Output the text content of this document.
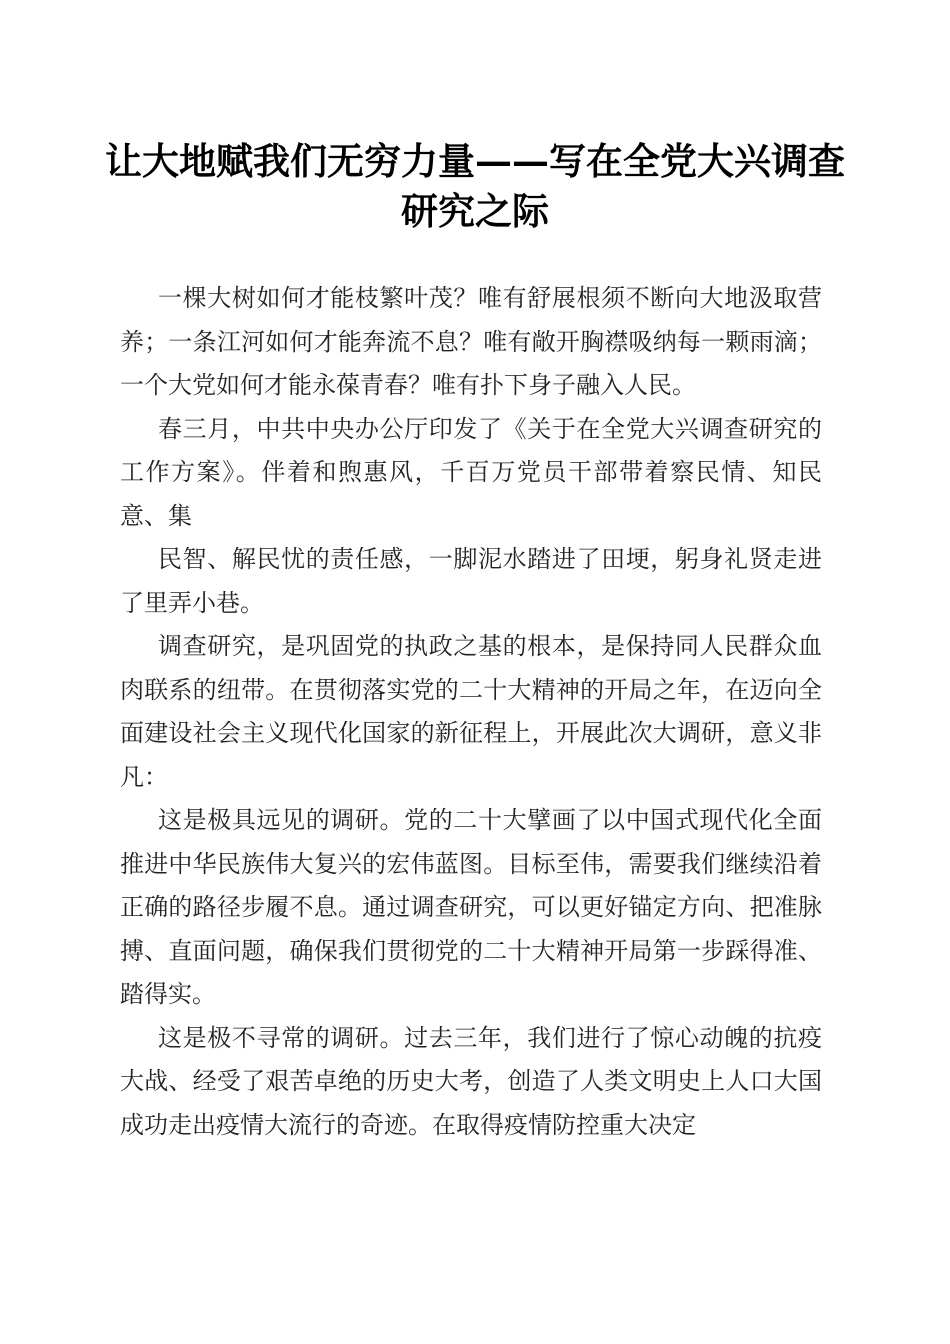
让大地赋我们无穷力量——写在全党大兴调查研究之际

一棵大树如何才能枝繁叶茂？唯有舒展根须不断向大地汲取营养；一条江河如何才能奔流不息？唯有敞开胸襟吸纳每一颗雨滴；一个大党如何才能永葆青春？唯有扑下身子融入人民。

春三月，中共中央办公厅印发了《关于在全党大兴调查研究的工作方案》。伴着和煦惠风，千百万党员干部带着察民情、知民意、集

民智、解民忧的责任感，一脚泥水踏进了田埂，躬身礼贤走进了里弄小巷。

调查研究，是巩固党的执政之基的根本，是保持同人民群众血肉联系的纽带。在贯彻落实党的二十大精神的开局之年，在迈向全面建设社会主义现代化国家的新征程上，开展此次大调研，意义非凡：

这是极具远见的调研。党的二十大擘画了以中国式现代化全面推进中华民族伟大复兴的宏伟蓝图。目标至伟，需要我们继续沿着正确的路径步履不息。通过调查研究，可以更好锚定方向、把准脉搏、直面问题，确保我们贯彻党的二十大精神开局第一步踩得准、踏得实。

这是极不寻常的调研。过去三年，我们进行了惊心动魄的抗疫大战、经受了艰苦卓绝的历史大考，创造了人类文明史上人口大国成功走出疫情大流行的奇迹。在取得疫情防控重大决定
